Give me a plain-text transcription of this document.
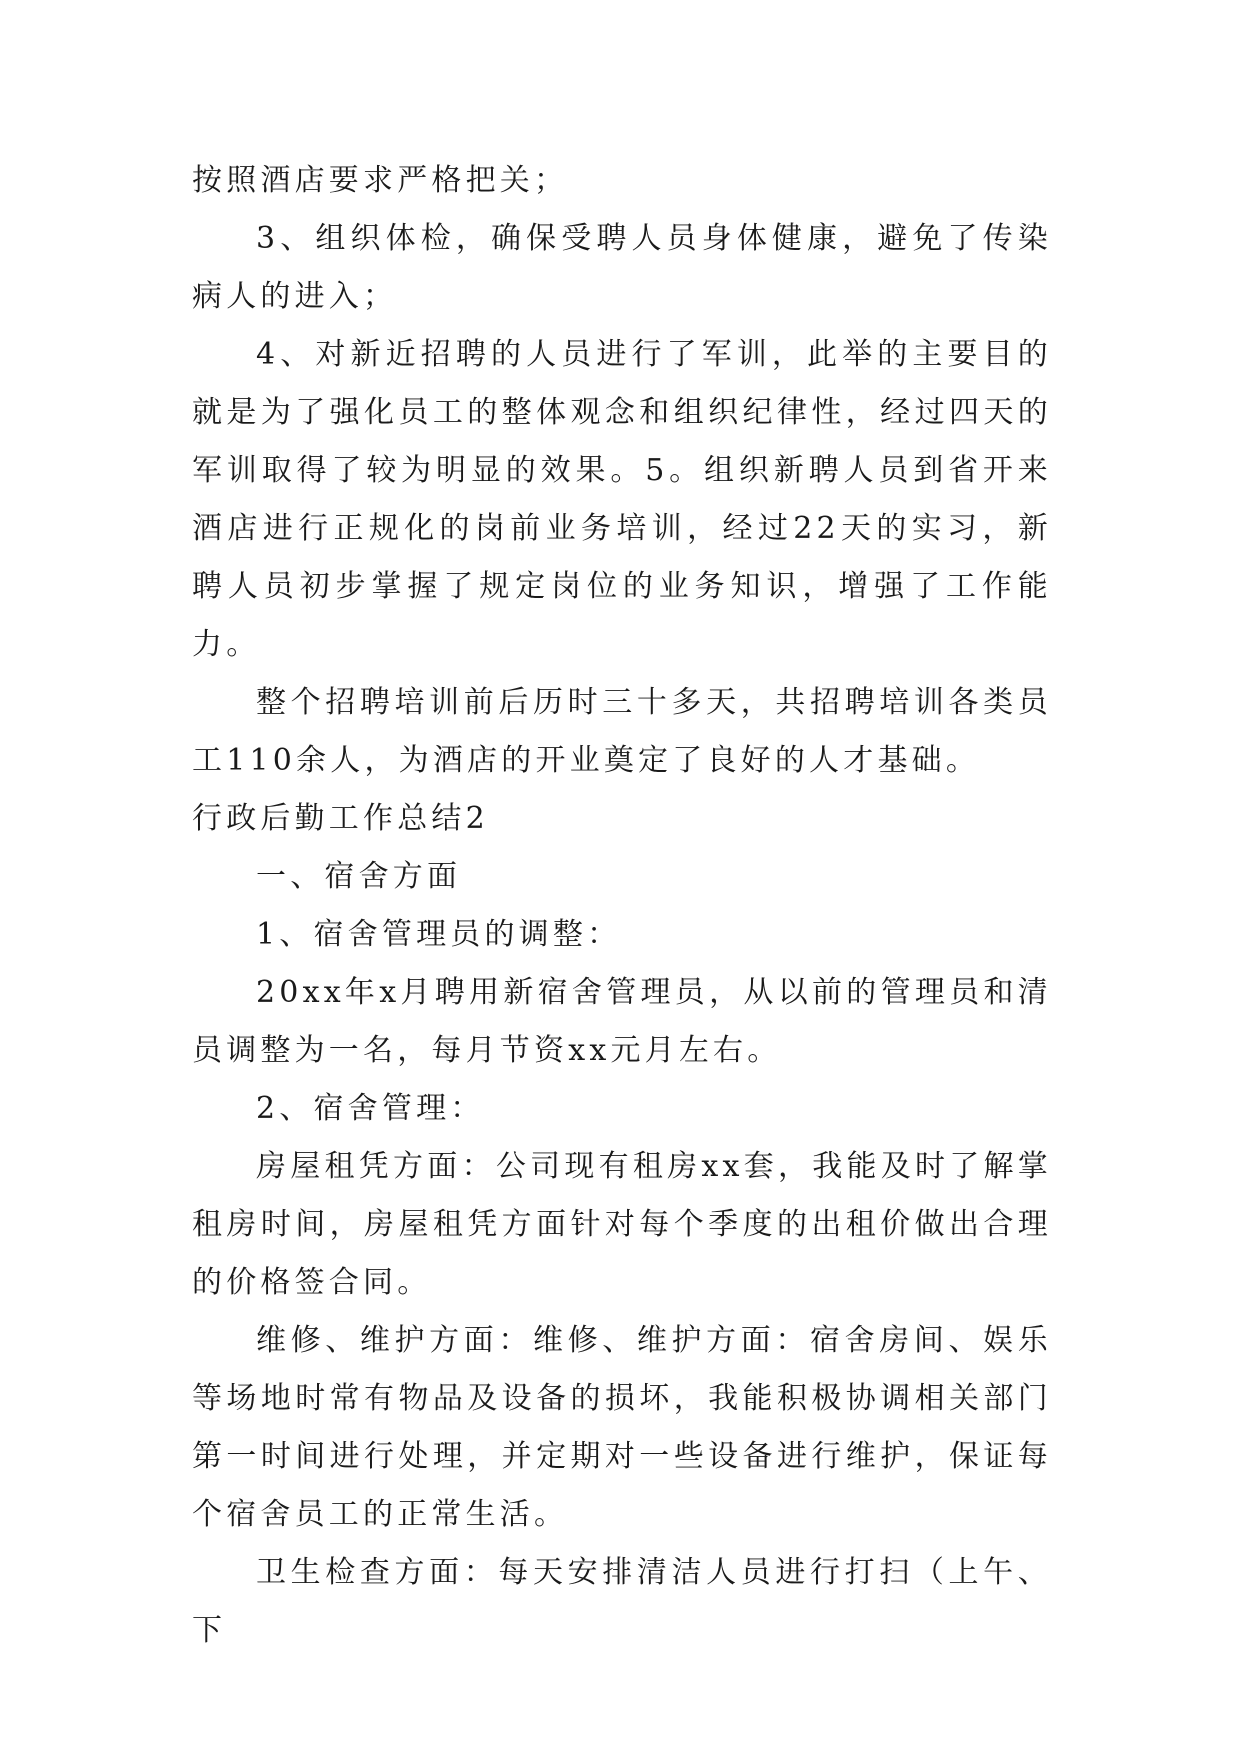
按照酒店要求严格把关；

3、组织体检，确保受聘人员身体健康，避免了传染病人的进入；

4、对新近招聘的人员进行了军训，此举的主要目的就是为了强化员工的整体观念和组织纪律性，经过四天的军训取得了较为明显的效果。5。组织新聘人员到省开来酒店进行正规化的岗前业务培训，经过22天的实习，新聘人员初步掌握了规定岗位的业务知识，增强了工作能力。

整个招聘培训前后历时三十多天，共招聘培训各类员工110余人，为酒店的开业奠定了良好的人才基础。

行政后勤工作总结2

一、宿舍方面

1、宿舍管理员的调整：

20xx年x月聘用新宿舍管理员，从以前的管理员和清员调整为一名，每月节资xx元月左右。

2、宿舍管理：

房屋租凭方面：公司现有租房xx套，我能及时了解掌租房时间，房屋租凭方面针对每个季度的出租价做出合理的价格签合同。

维修、维护方面：维修、维护方面：宿舍房间、娱乐等场地时常有物品及设备的损坏，我能积极协调相关部门第一时间进行处理，并定期对一些设备进行维护，保证每个宿舍员工的正常生活。

卫生检查方面：每天安排清洁人员进行打扫（上午、下
